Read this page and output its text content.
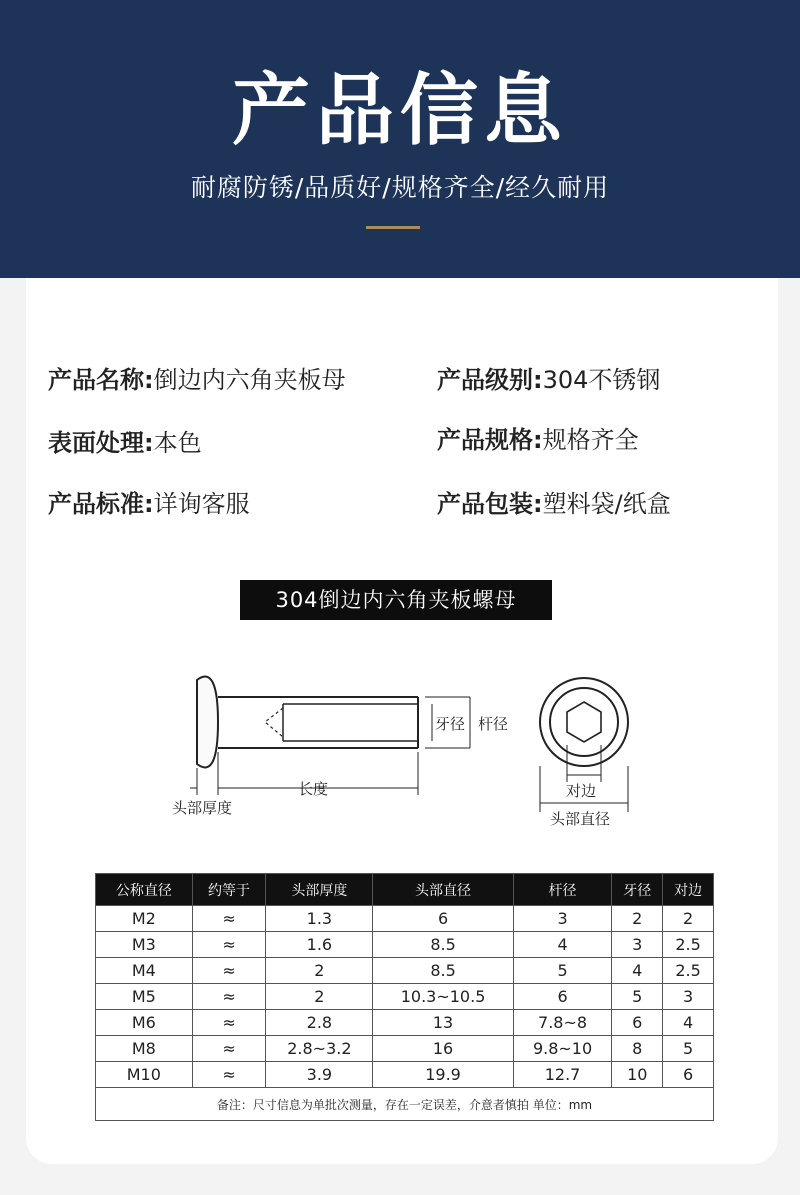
产品信息
耐腐防锈/品质好/规格齐全/经久耐用
产品名称:倒边内六角夹板母	产品级别:304不锈钢
表面处理:本色	产品规格:规格齐全
产品标准:详询客服	产品包装:塑料袋/纸盒
304倒边内六角夹板螺母
牙径 杆径
长度
头部厚度
对边
头部直径
公称直径	约等于	头部厚度	头部直径	杆径	牙径	对边
M2	≈	1.3	6	3	2	2
M3	≈	1.6	8.5	4	3	2.5
M4	≈	2	8.5	5	4	2.5
M5	≈	2	10.3~10.5	6	5	3
M6	≈	2.8	13	7.8~8	6	4
M8	≈	2.8~3.2	16	9.8~10	8	5
M10	≈	3.9	19.9	12.7	10	6
备注：尺寸信息为单批次测量，存在一定误差，介意者慎拍 单位：mm						
